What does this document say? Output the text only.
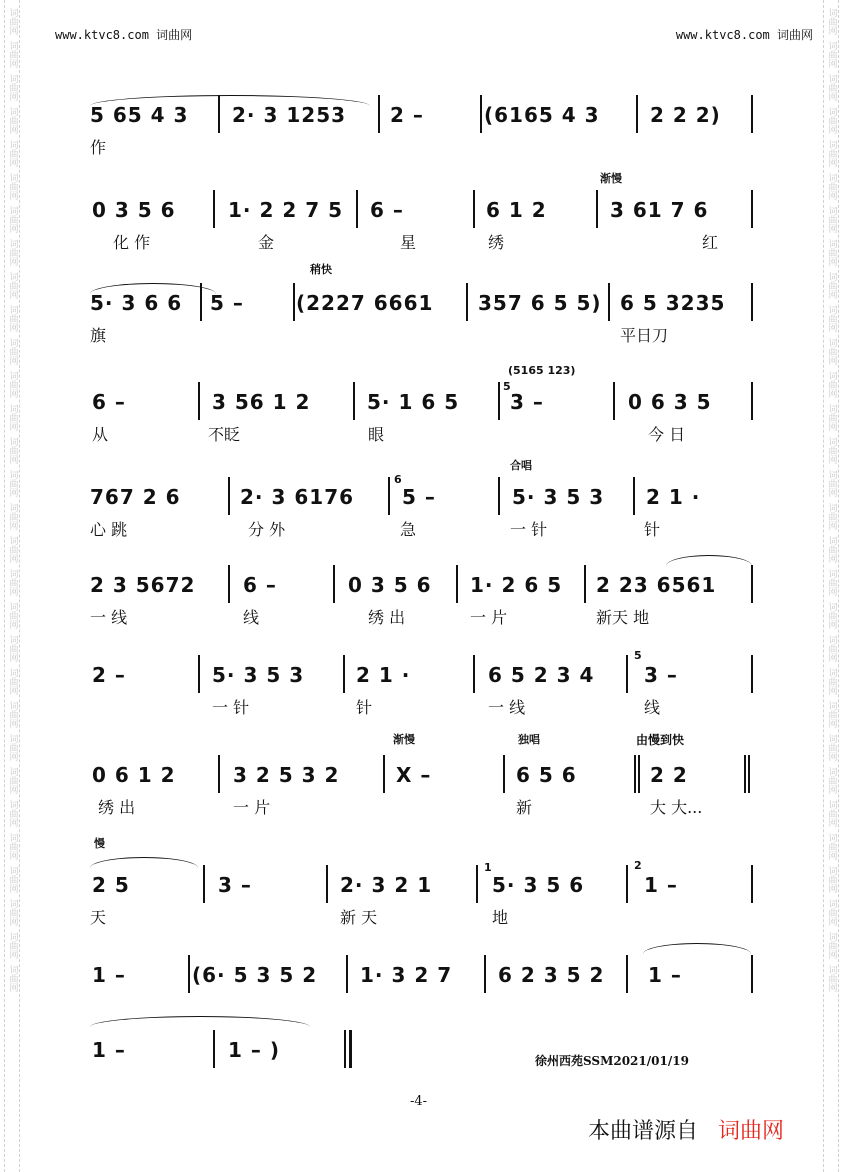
词曲网
词曲网
词曲网
词曲网
词曲网
词曲网
词曲网
词曲网
词曲网
词曲网
词曲网
词曲网
词曲网
词曲网
词曲网
词曲网
词曲网
词曲网
词曲网
词曲网
词曲网
词曲网
词曲网
词曲网
词曲网
词曲网
词曲网
词曲网
词曲网
词曲网
词曲网
词曲网
词曲网
词曲网
词曲网
词曲网
词曲网
词曲网
词曲网
词曲网
词曲网
词曲网
词曲网
词曲网
词曲网
词曲网
词曲网
词曲网
词曲网
词曲网
词曲网
词曲网
词曲网
词曲网
词曲网
词曲网
词曲网
词曲网
词曲网
词曲网
www.ktvc8.com 词曲网	www.ktvc8.com 词曲网
5 65 4 3 2· 3 1253 2 –	(6165 4 3	2 2 2)
作
渐慢
0 3 5 6	1· 2 2 7 5 6 –	6 1 2	3 61 7 6
化 作	金	星	绣	红
稍快
5· 3 6 6 5 –	(2227 6661 357 6 5 5) 6 5 3235
旗	平日刀
(5165 123)
6 –	3 56 1 2	5· 1 6 5
5
3 –	0 6 3 5
从	不眨	眼	今 日
合唱
767 2 6	2· 3 6176
6
5 –	5· 3 5 3 2 1 ·
心 跳	分 外	急	一 针	针
2 3 5672 6 –	0 3 5 6 1· 2 6 5 2 23 6561
一 线	线	绣 出	一 片	新天 地
2 –	5· 3 5 3	2 1 ·	6 5 2 3 4
5
3 –
一 针	针	一 线	线
渐慢	独唱	由慢到快
0 6 1 2	3 2 5 3 2	X –	6 5 6	2 2
绣 出	一 片	新	大 大...
慢
2 5	3 –	2· 3 2 1
1
5· 3 5 6
2
1 –
天	新 天	地
1 –	(6· 5 3 5 2 1· 3 2 7 6 2 3 5 2 1 –
1 –	1 – )	徐州西苑SSM2021/01/19
-4-
本曲谱源自 词曲网
